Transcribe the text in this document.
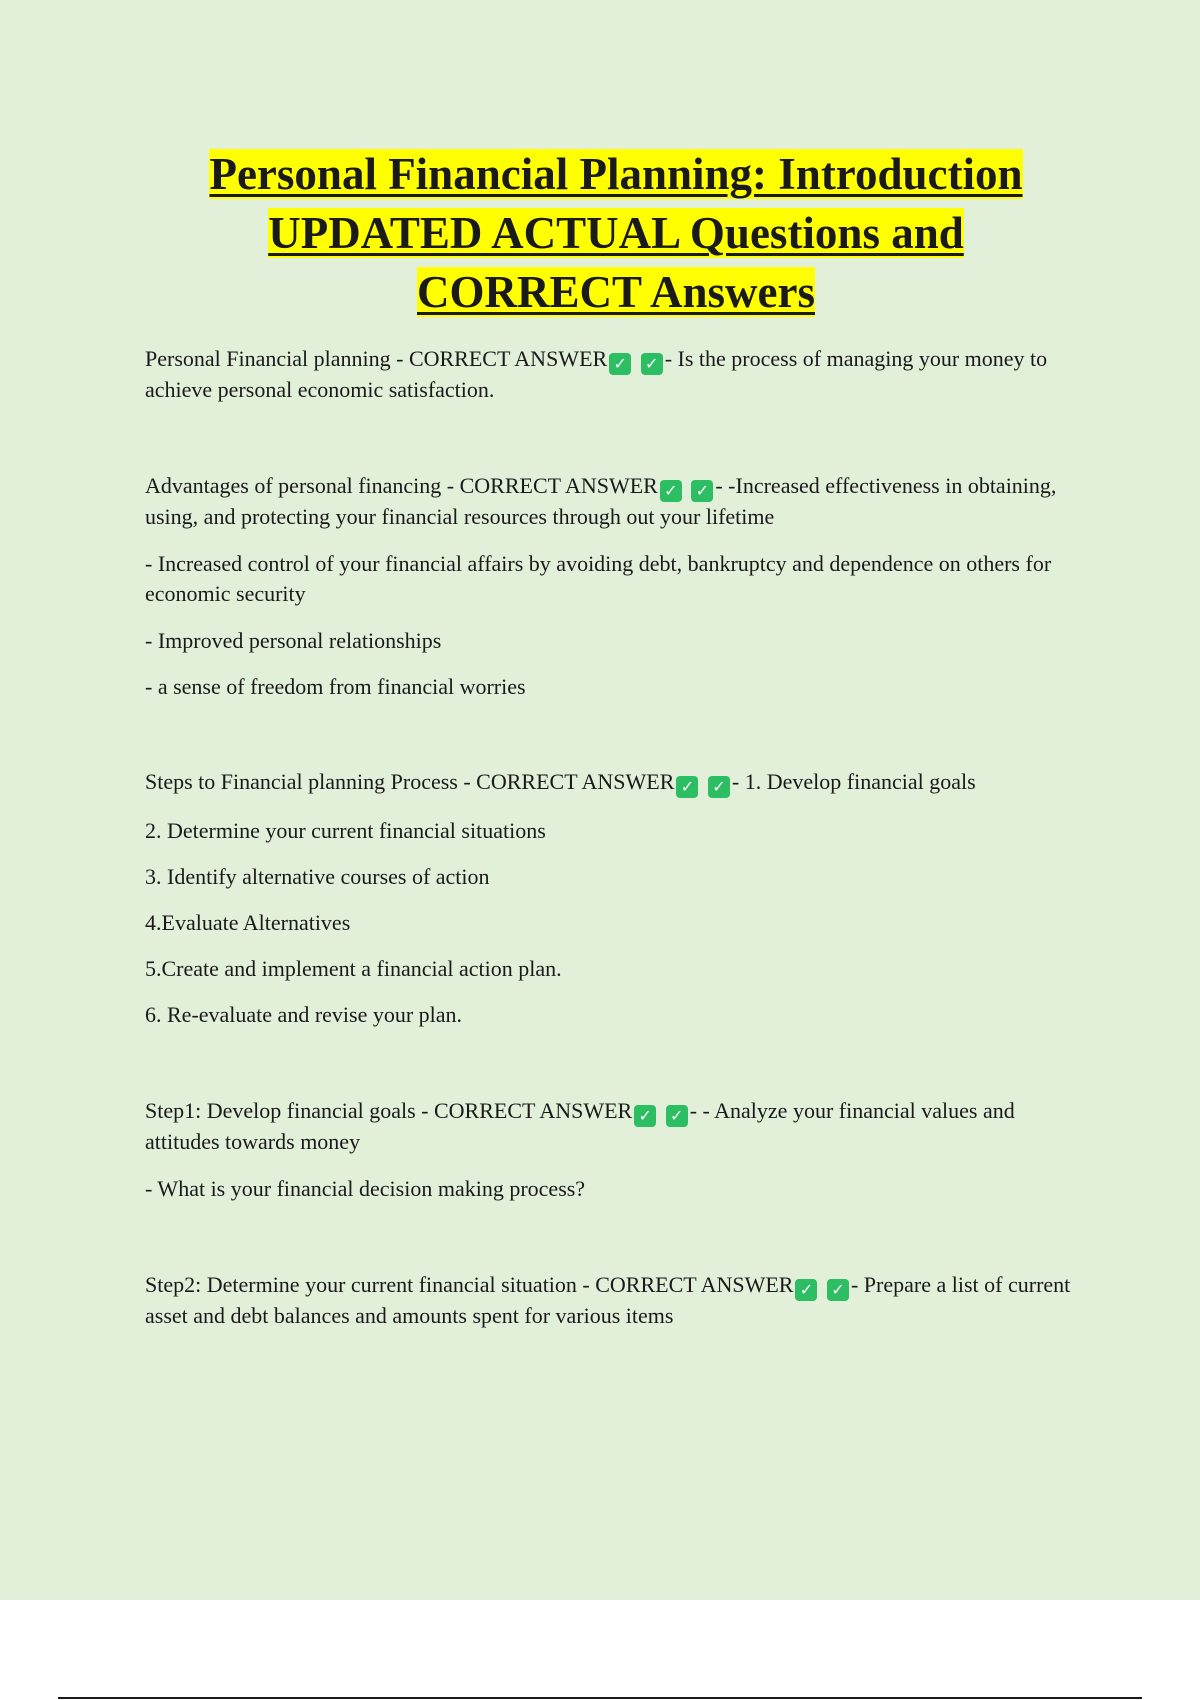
Personal Financial Planning: Introduction
UPDATED ACTUAL Questions and
CORRECT Answers

Personal Financial planning - CORRECT ANSWER ✓ ✓ - Is the process of managing your money to achieve personal economic satisfaction.

Advantages of personal financing - CORRECT ANSWER ✓ ✓ - -Increased effectiveness in obtaining, using, and protecting your financial resources through out your lifetime

- Increased control of your financial affairs by avoiding debt, bankruptcy and dependence on others for economic security

- Improved personal relationships

- a sense of freedom from financial worries

Steps to Financial planning Process - CORRECT ANSWER ✓ ✓ - 1. Develop financial goals

2. Determine your current financial situations

3. Identify alternative courses of action

4.Evaluate Alternatives

5.Create and implement a financial action plan.

6. Re-evaluate and revise your plan.

Step1: Develop financial goals - CORRECT ANSWER ✓ ✓ - - Analyze your financial values and attitudes towards money

- What is your financial decision making process?

Step2: Determine your current financial situation - CORRECT ANSWER ✓ ✓ - Prepare a list of current asset and debt balances and amounts spent for various items
